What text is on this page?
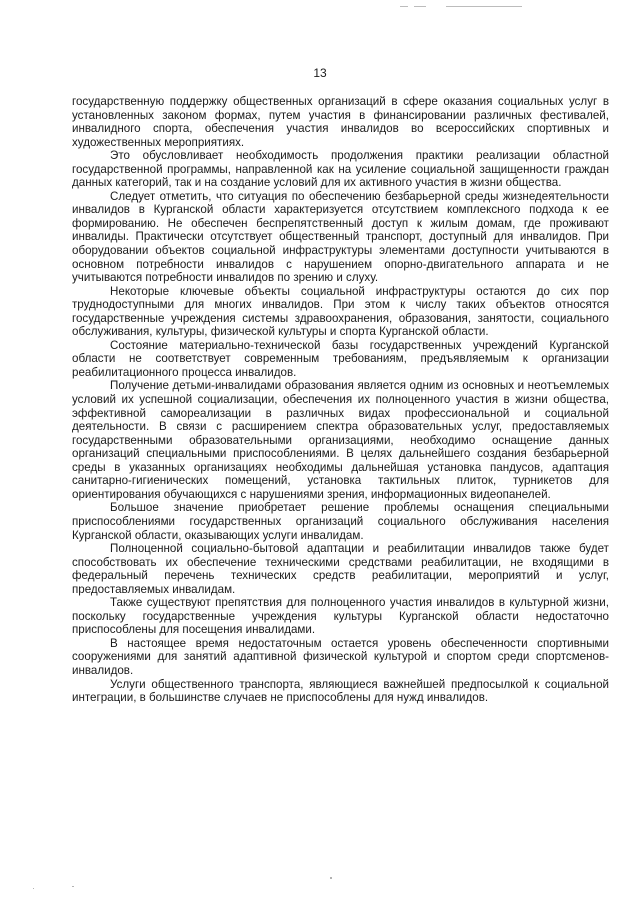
13

государственную поддержку общественных организаций в сфере оказания социальных услуг в установленных законом формах, путем участия в финансировании различных фестивалей, инвалидного спорта, обеспечения участия инвалидов во всероссийских спортивных и художественных мероприятиях.

Это обусловливает необходимость продолжения практики реализации областной государственной программы, направленной как на усиление социальной защищенности граждан данных категорий, так и на создание условий для их активного участия в жизни общества.

Следует отметить, что ситуация по обеспечению безбарьерной среды жизнедеятельности инвалидов в Курганской области характеризуется отсутствием комплексного подхода к ее формированию. Не обеспечен беспрепятственный доступ к жилым домам, где проживают инвалиды. Практически отсутствует общественный транспорт, доступный для инвалидов. При оборудовании объектов социальной инфраструктуры элементами доступности учитываются в основном потребности инвалидов с нарушением опорно-двигательного аппарата и не учитываются потребности инвалидов по зрению и слуху.

Некоторые ключевые объекты социальной инфраструктуры остаются до сих пор труднодоступными для многих инвалидов. При этом к числу таких объектов относятся государственные учреждения системы здравоохранения, образования, занятости, социального обслуживания, культуры, физической культуры и спорта Курганской области.

Состояние материально-технической базы государственных учреждений Курганской области не соответствует современным требованиям, предъявляемым к организации реабилитационного процесса инвалидов.

Получение детьми-инвалидами образования является одним из основных и неотъемлемых условий их успешной социализации, обеспечения их полноценного участия в жизни общества, эффективной самореализации в различных видах профессиональной и социальной деятельности. В связи с расширением спектра образовательных услуг, предоставляемых государственными образовательными организациями, необходимо оснащение данных организаций специальными приспособлениями. В целях дальнейшего создания безбарьерной среды в указанных организациях необходимы дальнейшая установка пандусов, адаптация санитарно-гигиенических помещений, установка тактильных плиток, турникетов для ориентирования обучающихся с нарушениями зрения, информационных видеопанелей.

Большое значение приобретает решение проблемы оснащения специальными приспособлениями государственных организаций социального обслуживания населения Курганской области, оказывающих услуги инвалидам.

Полноценной социально-бытовой адаптации и реабилитации инвалидов также будет способствовать их обеспечение техническими средствами реабилитации, не входящими в федеральный перечень технических средств реабилитации, мероприятий и услуг, предоставляемых инвалидам.

Также существуют препятствия для полноценного участия инвалидов в культурной жизни, поскольку государственные учреждения культуры Курганской области недостаточно приспособлены для посещения инвалидами.

В настоящее время недостаточным остается уровень обеспеченности спортивными сооружениями для занятий адаптивной физической культурой и спортом среди спортсменов-инвалидов.

Услуги общественного транспорта, являющиеся важнейшей предпосылкой к социальной интеграции, в большинстве случаев не приспособлены для нужд инвалидов.
